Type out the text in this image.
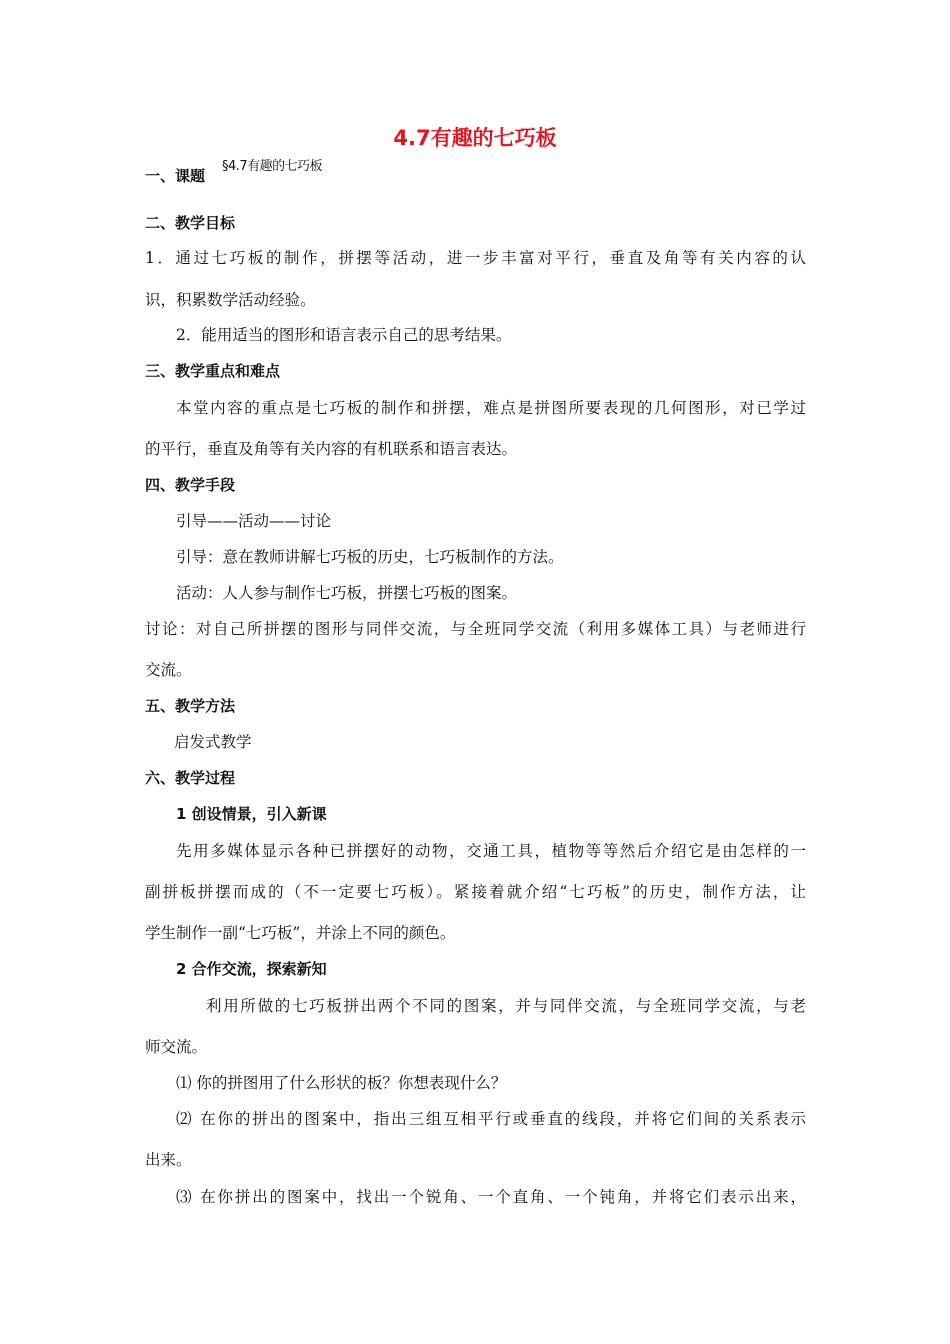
4.7有趣的七巧板

一、课题

§4.7有趣的七巧板

二、教学目标

1．通过七巧板的制作，拼摆等活动，进一步丰富对平行，垂直及角等有关内容的认

识，积累数学活动经验。

2．能用适当的图形和语言表示自己的思考结果。

三、教学重点和难点

本堂内容的重点是七巧板的制作和拼摆，难点是拼图所要表现的几何图形，对已学过

的平行，垂直及角等有关内容的有机联系和语言表达。

四、教学手段

引导——活动——讨论

引导：意在教师讲解七巧板的历史，七巧板制作的方法。

活动：人人参与制作七巧板，拼摆七巧板的图案。

讨论：对自己所拼摆的图形与同伴交流，与全班同学交流（利用多媒体工具）与老师进行

交流。

五、教学方法

启发式教学

六、教学过程

1 创设情景，引入新课

先用多媒体显示各种已拼摆好的动物，交通工具，植物等等然后介绍它是由怎样的一

副拼板拼摆而成的（不一定要七巧板）。紧接着就介绍“七巧板”的历史，制作方法，让

学生制作一副“七巧板”，并涂上不同的颜色。

2 合作交流，探索新知

利用所做的七巧板拼出两个不同的图案，并与同伴交流，与全班同学交流，与老

师交流。

⑴ 你的拼图用了什么形状的板？你想表现什么？

⑵ 在你的拼出的图案中，指出三组互相平行或垂直的线段，并将它们间的关系表示

出来。

⑶ 在你拼出的图案中，找出一个锐角、一个直角、一个钝角，并将它们表示出来，
